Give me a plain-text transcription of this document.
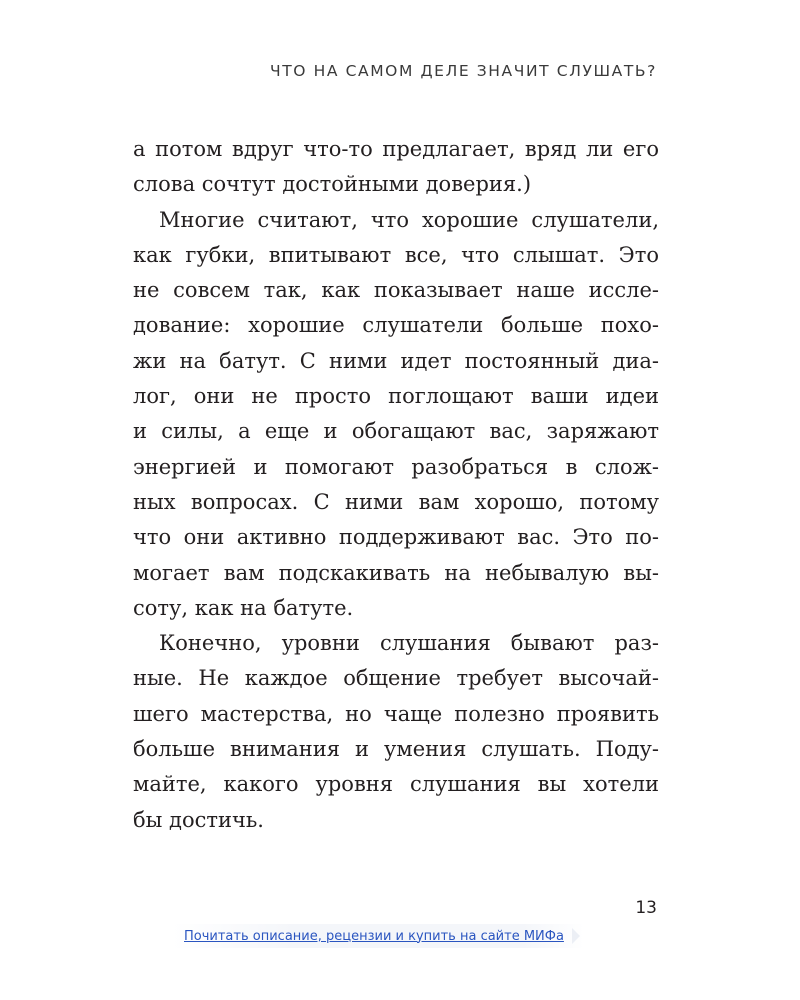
ЧТО НА САМОМ ДЕЛЕ ЗНАЧИТ СЛУШАТЬ?
а потом вдруг что-то предлагает, вряд ли его
слова сочтут достойными доверия.)
Многие считают, что хорошие слушатели,
как губки, впитывают все, что слышат. Это
не совсем так, как показывает наше иссле-
дование: хорошие слушатели больше похо-
жи на батут. С ними идет постоянный диа-
лог, они не просто поглощают ваши идеи
и силы, а еще и обогащают вас, заряжают
энергией и помогают разобраться в слож-
ных вопросах. С ними вам хорошо, потому
что они активно поддерживают вас. Это по-
могает вам подскакивать на небывалую вы-
соту, как на батуте.
Конечно, уровни слушания бывают раз-
ные. Не каждое общение требует высочай-
шего мастерства, но чаще полезно проявить
больше внимания и умения слушать. Поду-
майте, какого уровня слушания вы хотели
бы достичь.
13
Почитать описание, рецензии и купить на сайте МИФа
